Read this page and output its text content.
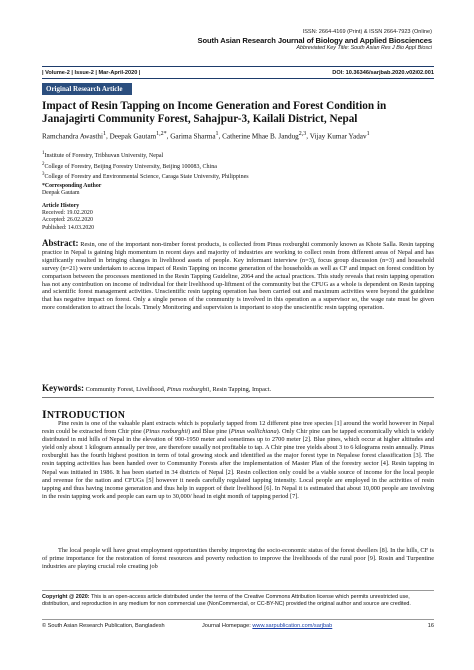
ISSN: 2664-4169 (Print) & ISSN 2664-7923 (Online)
South Asian Research Journal of Biology and Applied Biosciences
Abbreviated Key Title: South Asian Res J Bio Appl Biosci
| Volume-2 | Issue-2 | Mar-April-2020 |	DOI: 10.36346/sarjbab.2020.v02i02.001
Original Research Article
Impact of Resin Tapping on Income Generation and Forest Condition in Janajagirti Community Forest, Sahajpur-3, Kailali District, Nepal
Ramchandra Awasthi$^1$, Deepak Gautam$^{1,2*}$, Garima Sharma$^1$, Catherine Mhae B. Jandug$^{2,3}$, Vijay Kumar Yadav$^1$
$^1$Institute of Forestry, Tribhuvan University, Nepal
$^2$College of Forestry, Beijing Forestry University, Beijing 100083, China
$^3$College of Forestry and Environmental Science, Caraga State University, Philippines
*Corresponding Author
Deepak Gautam
Article History
Received: 19.02.2020
Accepted: 26.02.2020
Published: 14.03.2020
Abstract: Resin, one of the important non-timber forest products, is collected from Pinus roxburghii commonly known as Khote Salla. Resin tapping practice in Nepal is gaining high momentum in recent days and majority of industries are working to collect resin from different areas of Nepal and has significantly resulted in bringing changes in livelihood assets of people. Key informant interview (n=3), focus group discussion (n=3) and household survey (n=21) were undertaken to access impact of Resin Tapping on income generation of the households as well as CF and impact on forest condition by comparison between the processes mentioned in the Resin Tapping Guideline, 2064 and the actual practices. This study reveals that resin tapping operation has not any contribution on income of individual for their livelihood up-liftment of the community but the CFUG as a whole is dependent on Resin tapping and scientific forest management activities. Unscientific resin tapping operation has been carried out and maximum activities were beyond the guideline that has negative impact on forest. Only a single person of the community is involved in this operation as a supervisor so, the wage rate must be given more consideration to attract the locals. Timely Monitoring and supervision is important to stop the unscientific resin tapping operation.
Keywords: Community Forest, Livelihood, Pinus roxburghii, Resin Tapping, Impact.
INTRODUCTION
Pine resin is one of the valuable plant extracts which is popularly tapped from 12 different pine tree species [1] around the world however in Nepal resin could be extracted from Chir pine (Pinus roxburghii) and Blue pine (Pinus wallichiana). Only Chir pine can be tapped economically which is widely distributed in mid hills of Nepal in the elevation of 900-1950 meter and sometimes up to 2700 meter [2]. Blue pines, which occur at higher altitudes and yield only about 1 kilogram annually per tree, are therefore usually not profitable to tap. A Chir pine tree yields about 3 to 6 kilograms resin annually. Pinus roxburghii has the fourth highest position in term of total growing stock and identified as the major forest type in Nepalese forest classification [3]. The resin tapping activities has been handed over to Community Forests after the implementation of Master Plan of the forestry sector [4]. Resin tapping in Nepal was initiated in 1986. It has been started in 34 districts of Nepal [2]. Resin collection only could be a viable source of income for the local people and revenue for the nation and CFUGs [5] however it needs carefully regulated tapping intensity. Local people are employed in the activities of resin tapping and thus having income generation and thus help in support of their livelihood [6]. In Nepal it is estimated that about 10,000 people are involving in the resin tapping work and people can earn up to 30,000/ head in eight month of tapping period [7].
The local people will have great employment opportunities thereby improving the socio-economic status of the forest dwellers [8]. In the hills, CF is of prime importance for the restoration of forest resources and poverty reduction to improve the livelihoods of the rural poor [9]. Rosin and Turpentine industries are playing crucial role creating job
Copyright @ 2020: This is an open-access article distributed under the terms of the Creative Commons Attribution license which permits unrestricted use, distribution, and reproduction in any medium for non commercial use (NonCommercial, or CC-BY-NC) provided the original author and source are credited.
© South Asian Research Publication, Bangladesh	Journal Homepage: www.sarpublication.com/sarjbab	16
